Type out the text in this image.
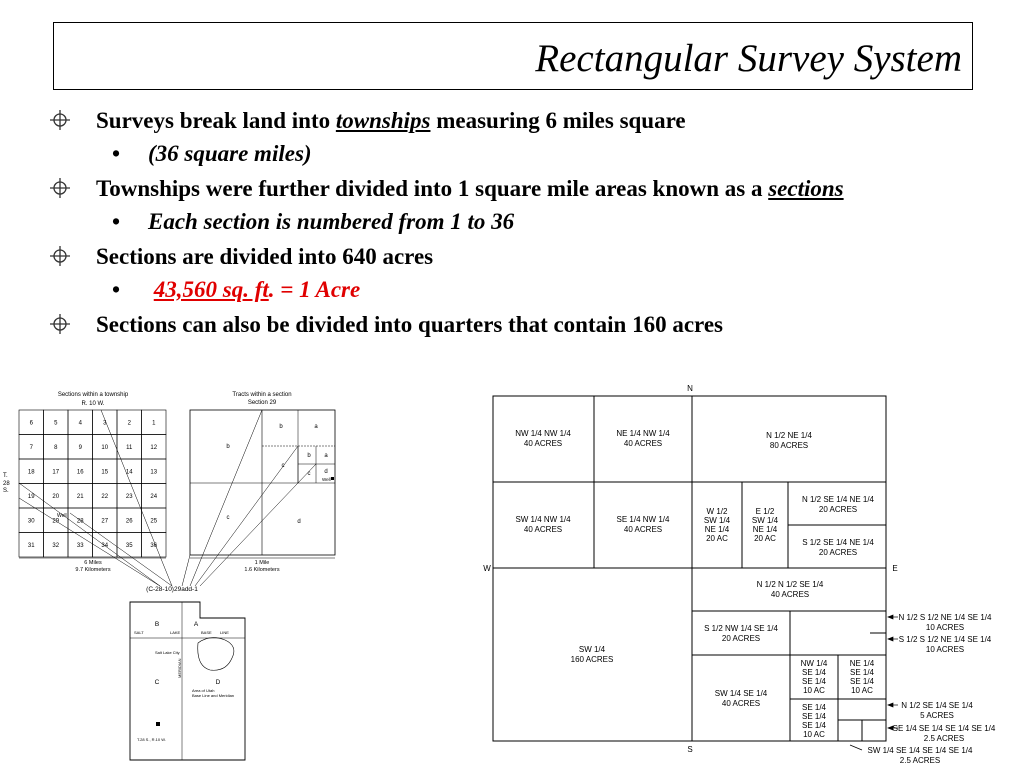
Rectangular Survey System
Surveys break land into townships measuring 6 miles square
• (36 square miles)
Townships were further divided into 1 square mile areas known as a sections
• Each section is numbered from 1 to 36
Sections are divided into 640 acres
• 43,560 sq. ft. = 1 Acre
Sections can also be divided into quarters that contain 160 acres
Sections within a township
R. 10 W.
Tracts within a section
Section 29
T.
28
S.
6	5	4	3	2	1
7	8	9	10	11	12
18	17	16	15	14	13
19	20	21	22	23	24
30	29	28	27	26	25
31	32	33	34	35	36
Well
6 Miles
9.7 Kilometers
a
b
c
d
b
c
b a
c d
Well
1 Mile
1.6 Kilometers
(C-28-10)29add-1
B	A
C	D
SALT	LAKE	BASE LINE
Salt Lake City
Area of Utah
Base Line and Meridian
T.28 S., R.10 W.
MERIDIAN
N
S
E
W
NW 1/4 NW 1/4
40 ACRES
NE 1/4 NW 1/4
40 ACRES
N 1/2 NE 1/4
80 ACRES
SW 1/4 NW 1/4
40 ACRES
SE 1/4 NW 1/4
40 ACRES
W 1/2
SW 1/4
NE 1/4
20 AC
E 1/2
SW 1/4
NE 1/4
20 AC
N 1/2 SE 1/4 NE 1/4
20 ACRES
S 1/2 SE 1/4 NE 1/4
20 ACRES
N 1/2 N 1/2 SE 1/4
40 ACRES
SW 1/4
160 ACRES
S 1/2 NW 1/4 SE 1/4
20 ACRES
SW 1/4 SE 1/4
40 ACRES
NW 1/4
SE 1/4
SE 1/4
10 AC
NE 1/4
SE 1/4
SE 1/4
10 AC
SE 1/4
SE 1/4
SE 1/4
10 AC
N 1/2 S 1/2 NE 1/4 SE 1/4
10 ACRES
S 1/2 S 1/2 NE 1/4 SE 1/4
10 ACRES
N 1/2 SE 1/4 SE 1/4
5 ACRES
SE 1/4 SE 1/4 SE 1/4 SE 1/4
2.5 ACRES
SW 1/4 SE 1/4 SE 1/4 SE 1/4
2.5 ACRES
